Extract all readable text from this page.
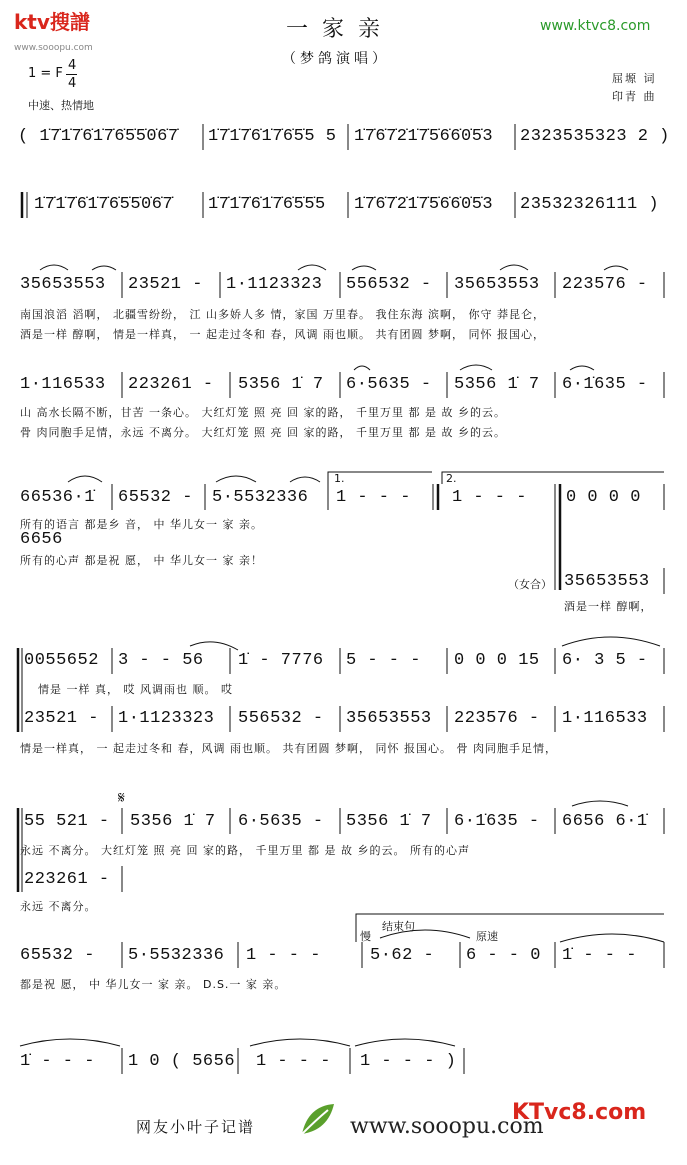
ktv搜譜
www.sooopu.com
一家亲
（梦鸽演唱）
www.ktvc8.com
1 = F
4
4
中速、热情地
屈塬 词
印青 曲
( 1̇7̇1̇7̇6̇1̇7̇6̇5̇5̇0̇6̇7̇ 1̇7̇1̇7̇6̇1̇7̇6̇5̇5 5 1̇7̇6̇7̇2̇1̇7̇5̇6̇6̇0̇5̇3 2323535323 2 )
1̇7̇1̇7̇6̇1̇7̇6̇5̇5̇0̇6̇7̇ 1̇7̇1̇7̇6̇1̇7̇6̇5̇5̇5 1̇7̇6̇7̇2̇1̇7̇5̇6̇6̇0̇5̇3 23532326111 )
35653553 23521 - 1·1123323 556532 - 35653553 223576 -
南国浪滔 滔啊， 北疆雪纷纷， 江 山多娇人多 情，家国 万里春。 我住东海 滨啊， 你守 莽昆仑，
酒是一样 醇啊， 情是一样真， 一 起走过冬和 春，风调 雨也顺。 共有团圆 梦啊， 同怀 报国心，
1·116533 223261 - 5356 1̇ 7 6·5635 - 5356 1̇ 7 6·1̇635 -
山 高水长隔不断，甘苦 一条心。 大红灯笼 照 亮 回 家的路， 千里万里 都 是 故 乡的云。
骨 肉同胞手足情，永远 不离分。 大红灯笼 照 亮 回 家的路， 千里万里 都 是 故 乡的云。
1.	2.
66536·1̇ 65532 - 5·5532336 1 - - - 1 - - - 0 0 0 0
所有的语言 都是乡 音， 中 华儿女一 家 亲。
6656
所有的心声 都是祝 愿， 中 华儿女一 家 亲！
（女合） 35653553
酒是一样 醇啊，
0055652 3 - - 56 1̇ - 7776 5 - - - 0 0 0 15 6· 3 5 -
情是 一样 真， 哎 风调雨也 顺。 哎
23521 - 1·1123323 556532 - 35653553 223576 - 1·116533
情是一样真， 一 起走过冬和 春，风调 雨也顺。 共有团圆 梦啊， 同怀 报国心。 骨 肉同胞手足情，
𝄋
55 521 - 5356 1̇ 7 6·5635 - 5356 1̇ 7 6·1̇635 - 6656 6·1̇
永远 不离分。 大红灯笼 照 亮 回 家的路， 千里万里 都 是 故 乡的云。 所有的心声
223261 -
永远 不离分。
慢
结束句
原速
65532 - 5·5532336 1 - - -	5·62 - 6 - - 0 1̇ - - -
都是祝 愿， 中 华儿女一 家 亲。 D.S.一 家 亲。
1̇ - - - 1 0 ( 5656 1 - - - 1 - - - )
网友小叶子记谱	www.sooopu.com
KTvc8.com
